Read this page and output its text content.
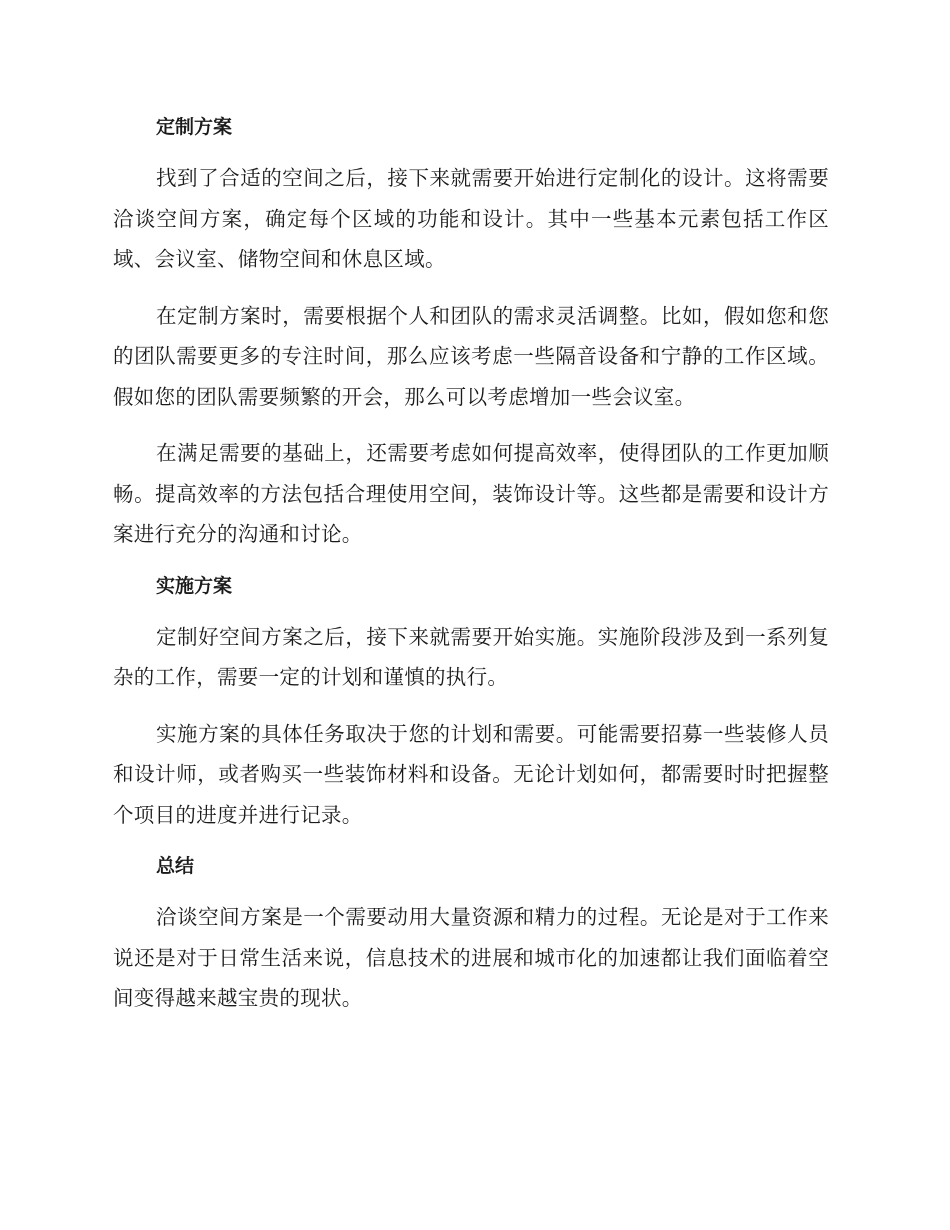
定制方案

找到了合适的空间之后，接下来就需要开始进行定制化的设计。这将需要洽谈空间方案，确定每个区域的功能和设计。其中一些基本元素包括工作区域、会议室、储物空间和休息区域。

在定制方案时，需要根据个人和团队的需求灵活调整。比如，假如您和您的团队需要更多的专注时间，那么应该考虑一些隔音设备和宁静的工作区域。假如您的团队需要频繁的开会，那么可以考虑增加一些会议室。

在满足需要的基础上，还需要考虑如何提高效率，使得团队的工作更加顺畅。提高效率的方法包括合理使用空间，装饰设计等。这些都是需要和设计方案进行充分的沟通和讨论。

实施方案

定制好空间方案之后，接下来就需要开始实施。实施阶段涉及到一系列复杂的工作，需要一定的计划和谨慎的执行。

实施方案的具体任务取决于您的计划和需要。可能需要招募一些装修人员和设计师，或者购买一些装饰材料和设备。无论计划如何，都需要时时把握整个项目的进度并进行记录。

总结

洽谈空间方案是一个需要动用大量资源和精力的过程。无论是对于工作来说还是对于日常生活来说，信息技术的进展和城市化的加速都让我们面临着空间变得越来越宝贵的现状。
